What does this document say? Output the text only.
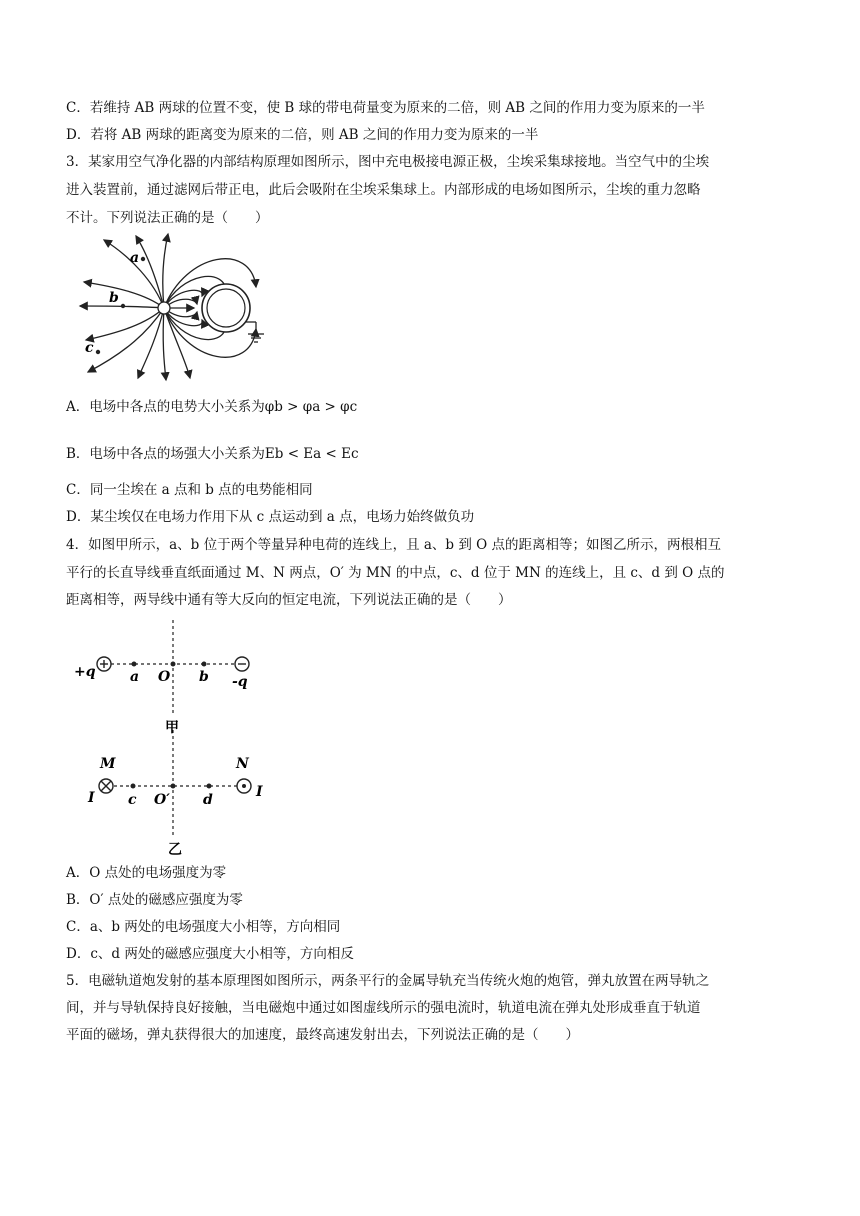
C．若维持 AB 两球的位置不变，使 B 球的带电荷量变为原来的二倍，则 AB 之间的作用力变为原来的一半
D．若将 AB 两球的距离变为原来的二倍，则 AB 之间的作用力变为原来的一半
3．某家用空气净化器的内部结构原理如图所示，图中充电极接电源正极，尘埃采集球接地。当空气中的尘埃
进入装置前，通过滤网后带正电，此后会吸附在尘埃采集球上。内部形成的电场如图所示，尘埃的重力忽略
不计。下列说法正确的是（　　）
a
b
c
A．电场中各点的电势大小关系为φb > φa > φc
B．电场中各点的场强大小关系为Eb < Ea < Ec
C．同一尘埃在 a 点和 b 点的电势能相同
D．某尘埃仅在电场力作用下从 c 点运动到 a 点，电场力始终做负功
4．如图甲所示，a、b 位于两个等量异种电荷的连线上，且 a、b 到 O 点的距离相等；如图乙所示，两根相互
平行的长直导线垂直纸面通过 M、N 两点，O′ 为 MN 的中点，c、d 位于 MN 的连线上，且 c、d 到 O 点的
距离相等，两导线中通有等大反向的恒定电流，下列说法正确的是（　　）
+q a O b -q
甲
M	N
I	I
c O′ d
乙
A．O 点处的电场强度为零
B．O′ 点处的磁感应强度为零
C．a、b 两处的电场强度大小相等，方向相同
D．c、d 两处的磁感应强度大小相等，方向相反
5．电磁轨道炮发射的基本原理图如图所示，两条平行的金属导轨充当传统火炮的炮管，弹丸放置在两导轨之
间，并与导轨保持良好接触，当电磁炮中通过如图虚线所示的强电流时，轨道电流在弹丸处形成垂直于轨道
平面的磁场，弹丸获得很大的加速度，最终高速发射出去，下列说法正确的是（　　）
